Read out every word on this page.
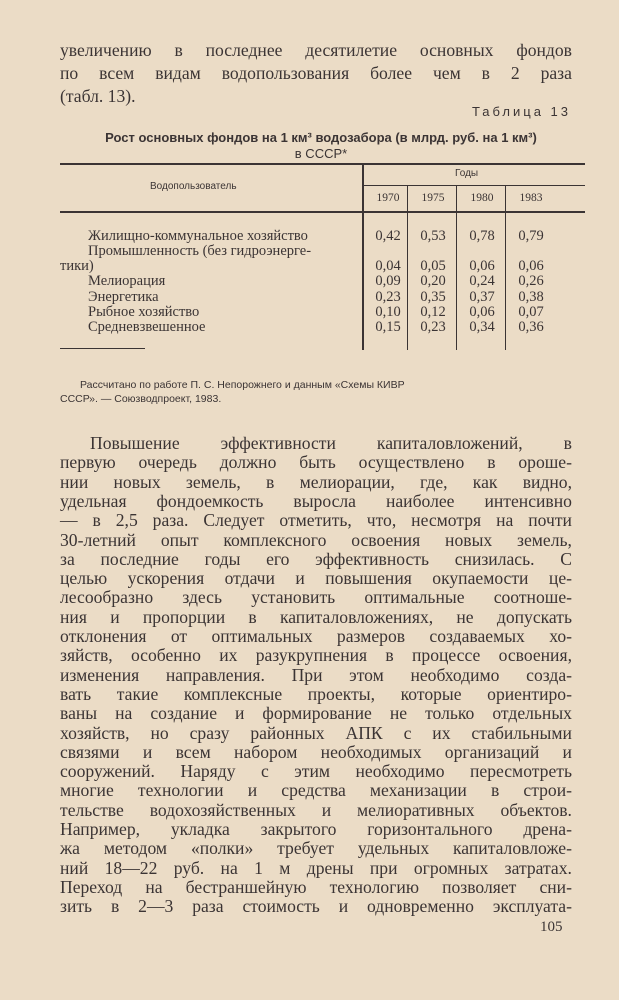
увеличению в последнее десятилетие основных фондов
по всем видам водопользования более чем в 2 раза
(табл. 13).
Таблица 13
Рост основных фондов на 1 км³ водозабора (в млрд. руб. на 1 км³)
в СССР*
Водопользователь
Годы
1970	1975	1980	1983
Жилищно-коммунальное хозяйство	0,42	0,53	0,78	0,79
Промышленность (без гидроэнерге-
тики)	0,04	0,05	0,06	0,06
Мелиорация	0,09	0,20	0,24	0,26
Энергетика	0,23	0,35	0,37	0,38
Рыбное хозяйство	0,10	0,12	0,06	0,07
Средневзвешенное	0,15	0,23	0,34	0,36
Рассчитано по работе П. С. Непорожнего и данным «Схемы КИВР
СССР». — Союзводпроект, 1983.
Повышение эффективности капиталовложений, в
первую очередь должно быть осуществлено в ороше-
нии новых земель, в мелиорации, где, как видно,
удельная фондоемкость выросла наиболее интенсивно
— в 2,5 раза. Следует отметить, что, несмотря на почти
30-летний опыт комплексного освоения новых земель,
за последние годы его эффективность снизилась. С
целью ускорения отдачи и повышения окупаемости це-
лесообразно здесь установить оптимальные соотноше-
ния и пропорции в капиталовложениях, не допускать
отклонения от оптимальных размеров создаваемых хо-
зяйств, особенно их разукрупнения в процессе освоения,
изменения направления. При этом необходимо созда-
вать такие комплексные проекты, которые ориентиро-
ваны на создание и формирование не только отдельных
хозяйств, но сразу районных АПК с их стабильными
связями и всем набором необходимых организаций и
сооружений. Наряду с этим необходимо пересмотреть
многие технологии и средства механизации в строи-
тельстве водохозяйственных и мелиоративных объектов.
Например, укладка закрытого горизонтального дрена-
жа методом «полки» требует удельных капиталовложе-
ний 18—22 руб. на 1 м дрены при огромных затратах.
Переход на бестраншейную технологию позволяет сни-
зить в 2—3 раза стоимость и одновременно эксплуата-
105
